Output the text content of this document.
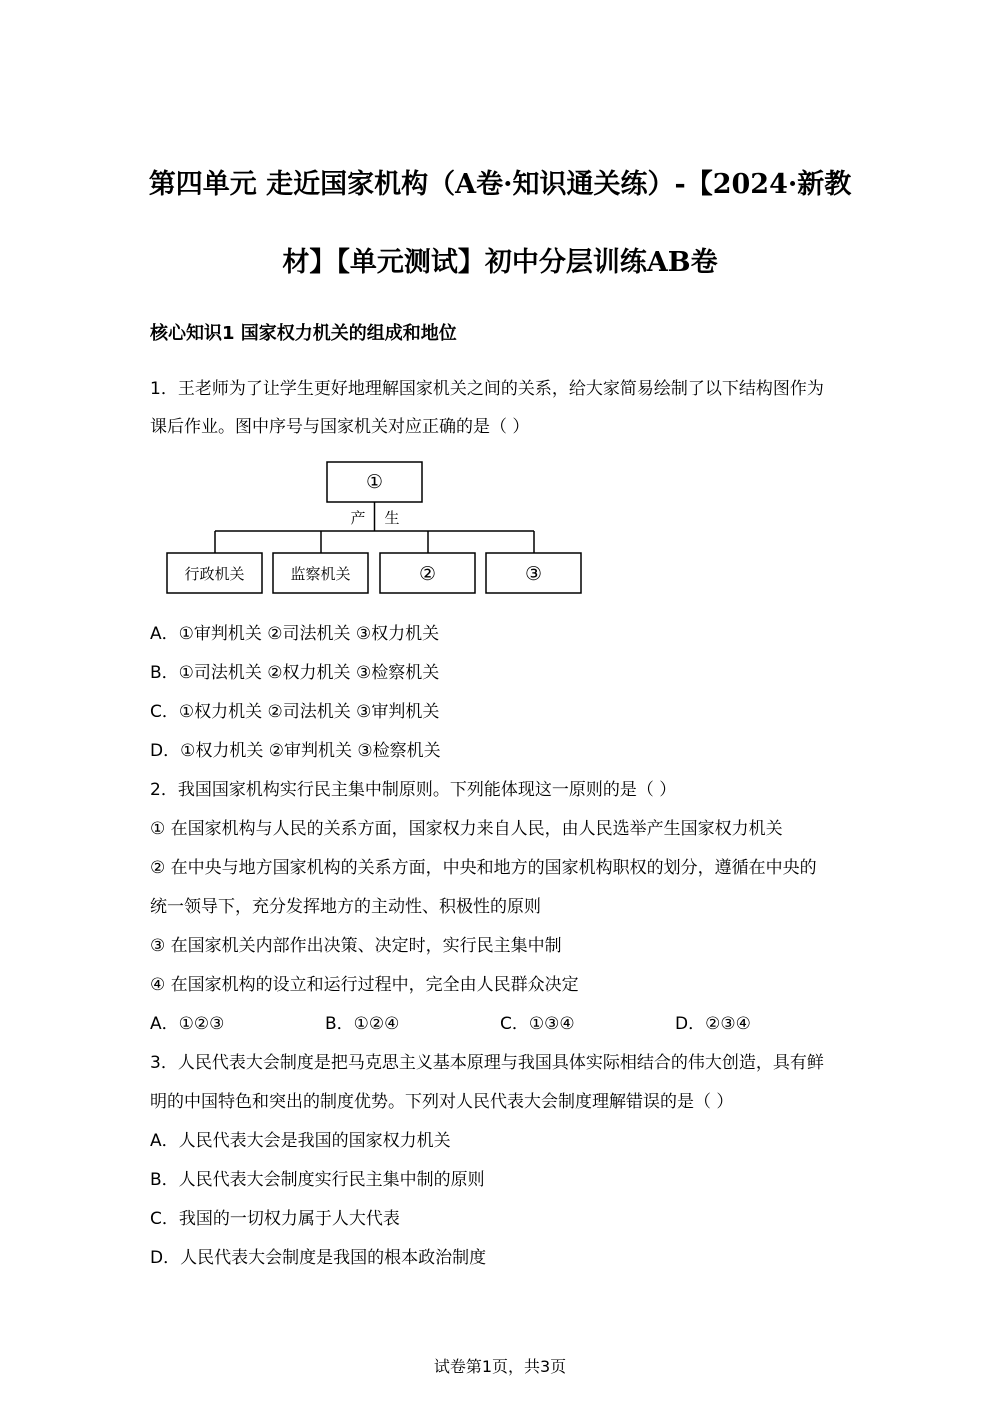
第四单元 走近国家机构（A卷·知识通关练）-【2024·新教
材】【单元测试】初中分层训练AB卷
核心知识1 国家权力机关的组成和地位
1．王老师为了让学生更好地理解国家机关之间的关系，给大家简易绘制了以下结构图作为
课后作业。图中序号与国家机关对应正确的是（ ）
①
产 生
行政机关	监察机关	②	③
A．①审判机关 ②司法机关 ③权力机关
B．①司法机关 ②权力机关 ③检察机关
C．①权力机关 ②司法机关 ③审判机关
D．①权力机关 ②审判机关 ③检察机关
2．我国国家机构实行民主集中制原则。下列能体现这一原则的是（ ）
① 在国家机构与人民的关系方面，国家权力来自人民，由人民选举产生国家权力机关
② 在中央与地方国家机构的关系方面，中央和地方的国家机构职权的划分，遵循在中央的
统一领导下，充分发挥地方的主动性、积极性的原则
③ 在国家机关内部作出决策、决定时，实行民主集中制
④ 在国家机构的设立和运行过程中，完全由人民群众决定
A．①②③	B．①②④	C．①③④	D．②③④
3．人民代表大会制度是把马克思主义基本原理与我国具体实际相结合的伟大创造，具有鲜
明的中国特色和突出的制度优势。下列对人民代表大会制度理解错误的是（ ）
A．人民代表大会是我国的国家权力机关
B．人民代表大会制度实行民主集中制的原则
C．我国的一切权力属于人大代表
D．人民代表大会制度是我国的根本政治制度
试卷第1页，共3页
